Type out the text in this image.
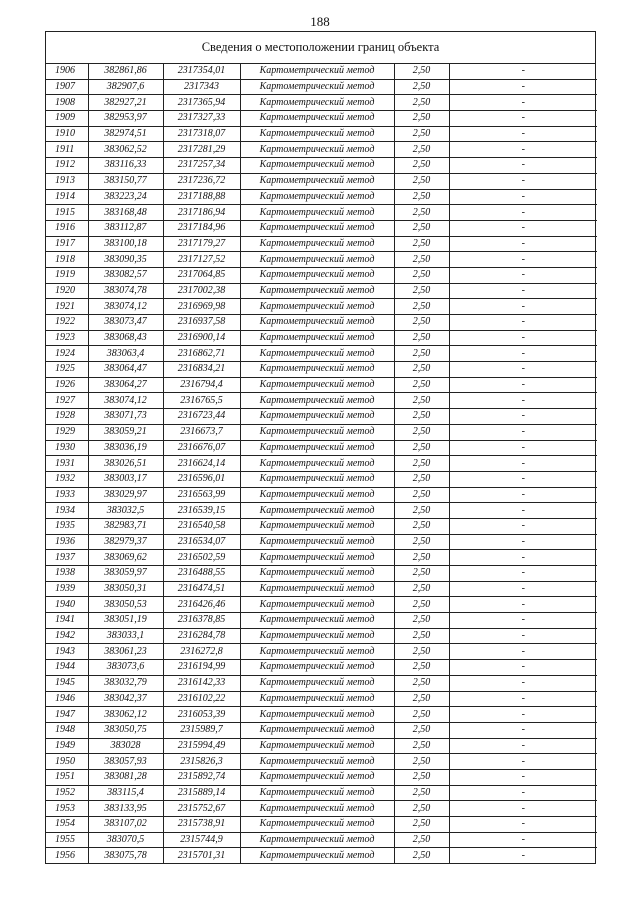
188
Сведения о местоположении границ объекта
1906	382861,86	2317354,01	Картометрический метод	2,50	-
1907	382907,6	2317343	Картометрический метод	2,50	-
1908	382927,21	2317365,94	Картометрический метод	2,50	-
1909	382953,97	2317327,33	Картометрический метод	2,50	-
1910	382974,51	2317318,07	Картометрический метод	2,50	-
1911	383062,52	2317281,29	Картометрический метод	2,50	-
1912	383116,33	2317257,34	Картометрический метод	2,50	-
1913	383150,77	2317236,72	Картометрический метод	2,50	-
1914	383223,24	2317188,88	Картометрический метод	2,50	-
1915	383168,48	2317186,94	Картометрический метод	2,50	-
1916	383112,87	2317184,96	Картометрический метод	2,50	-
1917	383100,18	2317179,27	Картометрический метод	2,50	-
1918	383090,35	2317127,52	Картометрический метод	2,50	-
1919	383082,57	2317064,85	Картометрический метод	2,50	-
1920	383074,78	2317002,38	Картометрический метод	2,50	-
1921	383074,12	2316969,98	Картометрический метод	2,50	-
1922	383073,47	2316937,58	Картометрический метод	2,50	-
1923	383068,43	2316900,14	Картометрический метод	2,50	-
1924	383063,4	2316862,71	Картометрический метод	2,50	-
1925	383064,47	2316834,21	Картометрический метод	2,50	-
1926	383064,27	2316794,4	Картометрический метод	2,50	-
1927	383074,12	2316765,5	Картометрический метод	2,50	-
1928	383071,73	2316723,44	Картометрический метод	2,50	-
1929	383059,21	2316673,7	Картометрический метод	2,50	-
1930	383036,19	2316676,07	Картометрический метод	2,50	-
1931	383026,51	2316624,14	Картометрический метод	2,50	-
1932	383003,17	2316596,01	Картометрический метод	2,50	-
1933	383029,97	2316563,99	Картометрический метод	2,50	-
1934	383032,5	2316539,15	Картометрический метод	2,50	-
1935	382983,71	2316540,58	Картометрический метод	2,50	-
1936	382979,37	2316534,07	Картометрический метод	2,50	-
1937	383069,62	2316502,59	Картометрический метод	2,50	-
1938	383059,97	2316488,55	Картометрический метод	2,50	-
1939	383050,31	2316474,51	Картометрический метод	2,50	-
1940	383050,53	2316426,46	Картометрический метод	2,50	-
1941	383051,19	2316378,85	Картометрический метод	2,50	-
1942	383033,1	2316284,78	Картометрический метод	2,50	-
1943	383061,23	2316272,8	Картометрический метод	2,50	-
1944	383073,6	2316194,99	Картометрический метод	2,50	-
1945	383032,79	2316142,33	Картометрический метод	2,50	-
1946	383042,37	2316102,22	Картометрический метод	2,50	-
1947	383062,12	2316053,39	Картометрический метод	2,50	-
1948	383050,75	2315989,7	Картометрический метод	2,50	-
1949	383028	2315994,49	Картометрический метод	2,50	-
1950	383057,93	2315826,3	Картометрический метод	2,50	-
1951	383081,28	2315892,74	Картометрический метод	2,50	-
1952	383115,4	2315889,14	Картометрический метод	2,50	-
1953	383133,95	2315752,67	Картометрический метод	2,50	-
1954	383107,02	2315738,91	Картометрический метод	2,50	-
1955	383070,5	2315744,9	Картометрический метод	2,50	-
1956	383075,78	2315701,31	Картометрический метод	2,50	-
